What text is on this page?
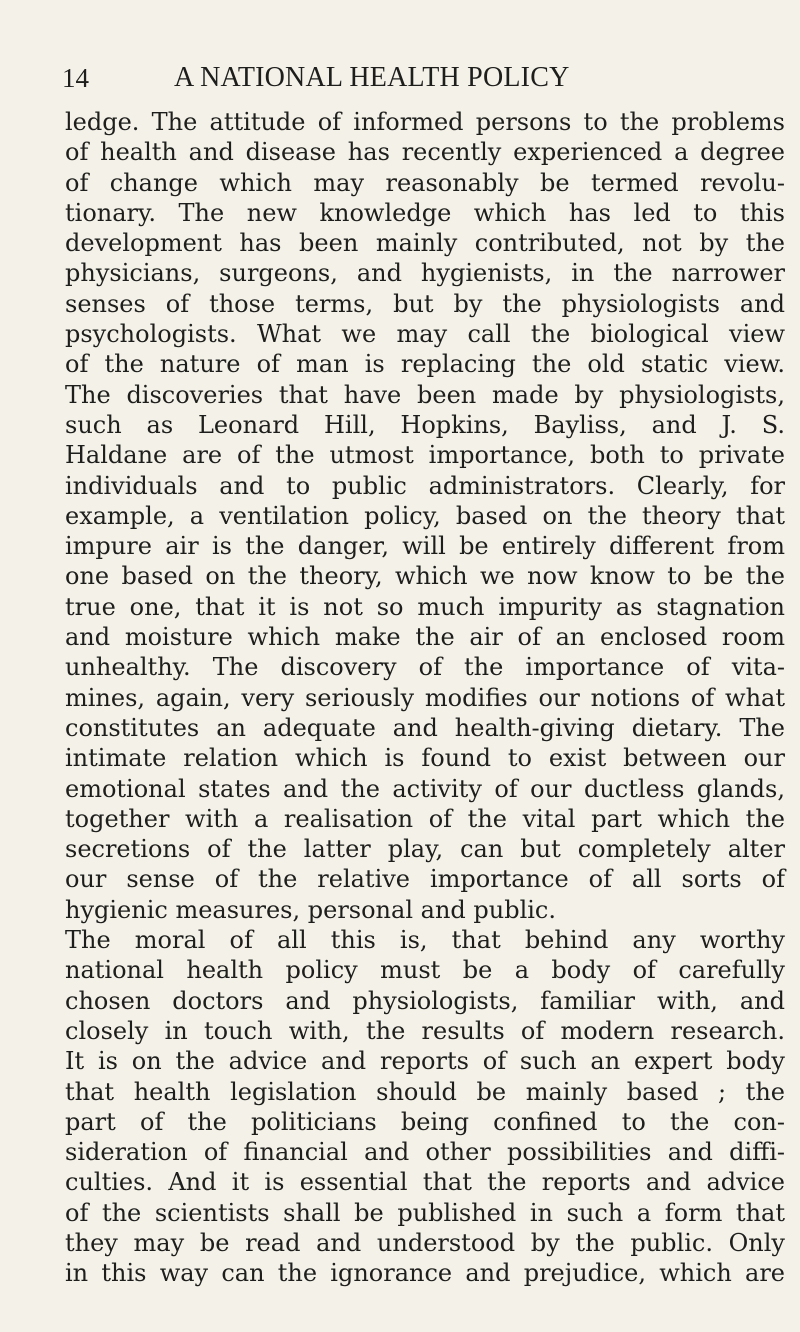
14	A NATIONAL HEALTH POLICY
ledge. The attitude of informed persons to the problems
of health and disease has recently experienced a degree
of change which may reasonably be termed revolu-
tionary. The new knowledge which has led to this
development has been mainly contributed, not by the
physicians, surgeons, and hygienists, in the narrower
senses of those terms, but by the physiologists and
psychologists. What we may call the biological view
of the nature of man is replacing the old static view.
The discoveries that have been made by physiologists,
such as Leonard Hill, Hopkins, Bayliss, and J. S.
Haldane are of the utmost importance, both to private
individuals and to public administrators. Clearly, for
example, a ventilation policy, based on the theory that
impure air is the danger, will be entirely different from
one based on the theory, which we now know to be the
true one, that it is not so much impurity as stagnation
and moisture which make the air of an enclosed room
unhealthy. The discovery of the importance of vita-
mines, again, very seriously modifies our notions of what
constitutes an adequate and health-giving dietary. The
intimate relation which is found to exist between our
emotional states and the activity of our ductless glands,
together with a realisation of the vital part which the
secretions of the latter play, can but completely alter
our sense of the relative importance of all sorts of
hygienic measures, personal and public.
The moral of all this is, that behind any worthy
national health policy must be a body of carefully
chosen doctors and physiologists, familiar with, and
closely in touch with, the results of modern research.
It is on the advice and reports of such an expert body
that health legislation should be mainly based ; the
part of the politicians being confined to the con-
sideration of financial and other possibilities and diffi-
culties. And it is essential that the reports and advice
of the scientists shall be published in such a form that
they may be read and understood by the public. Only
in this way can the ignorance and prejudice, which are
